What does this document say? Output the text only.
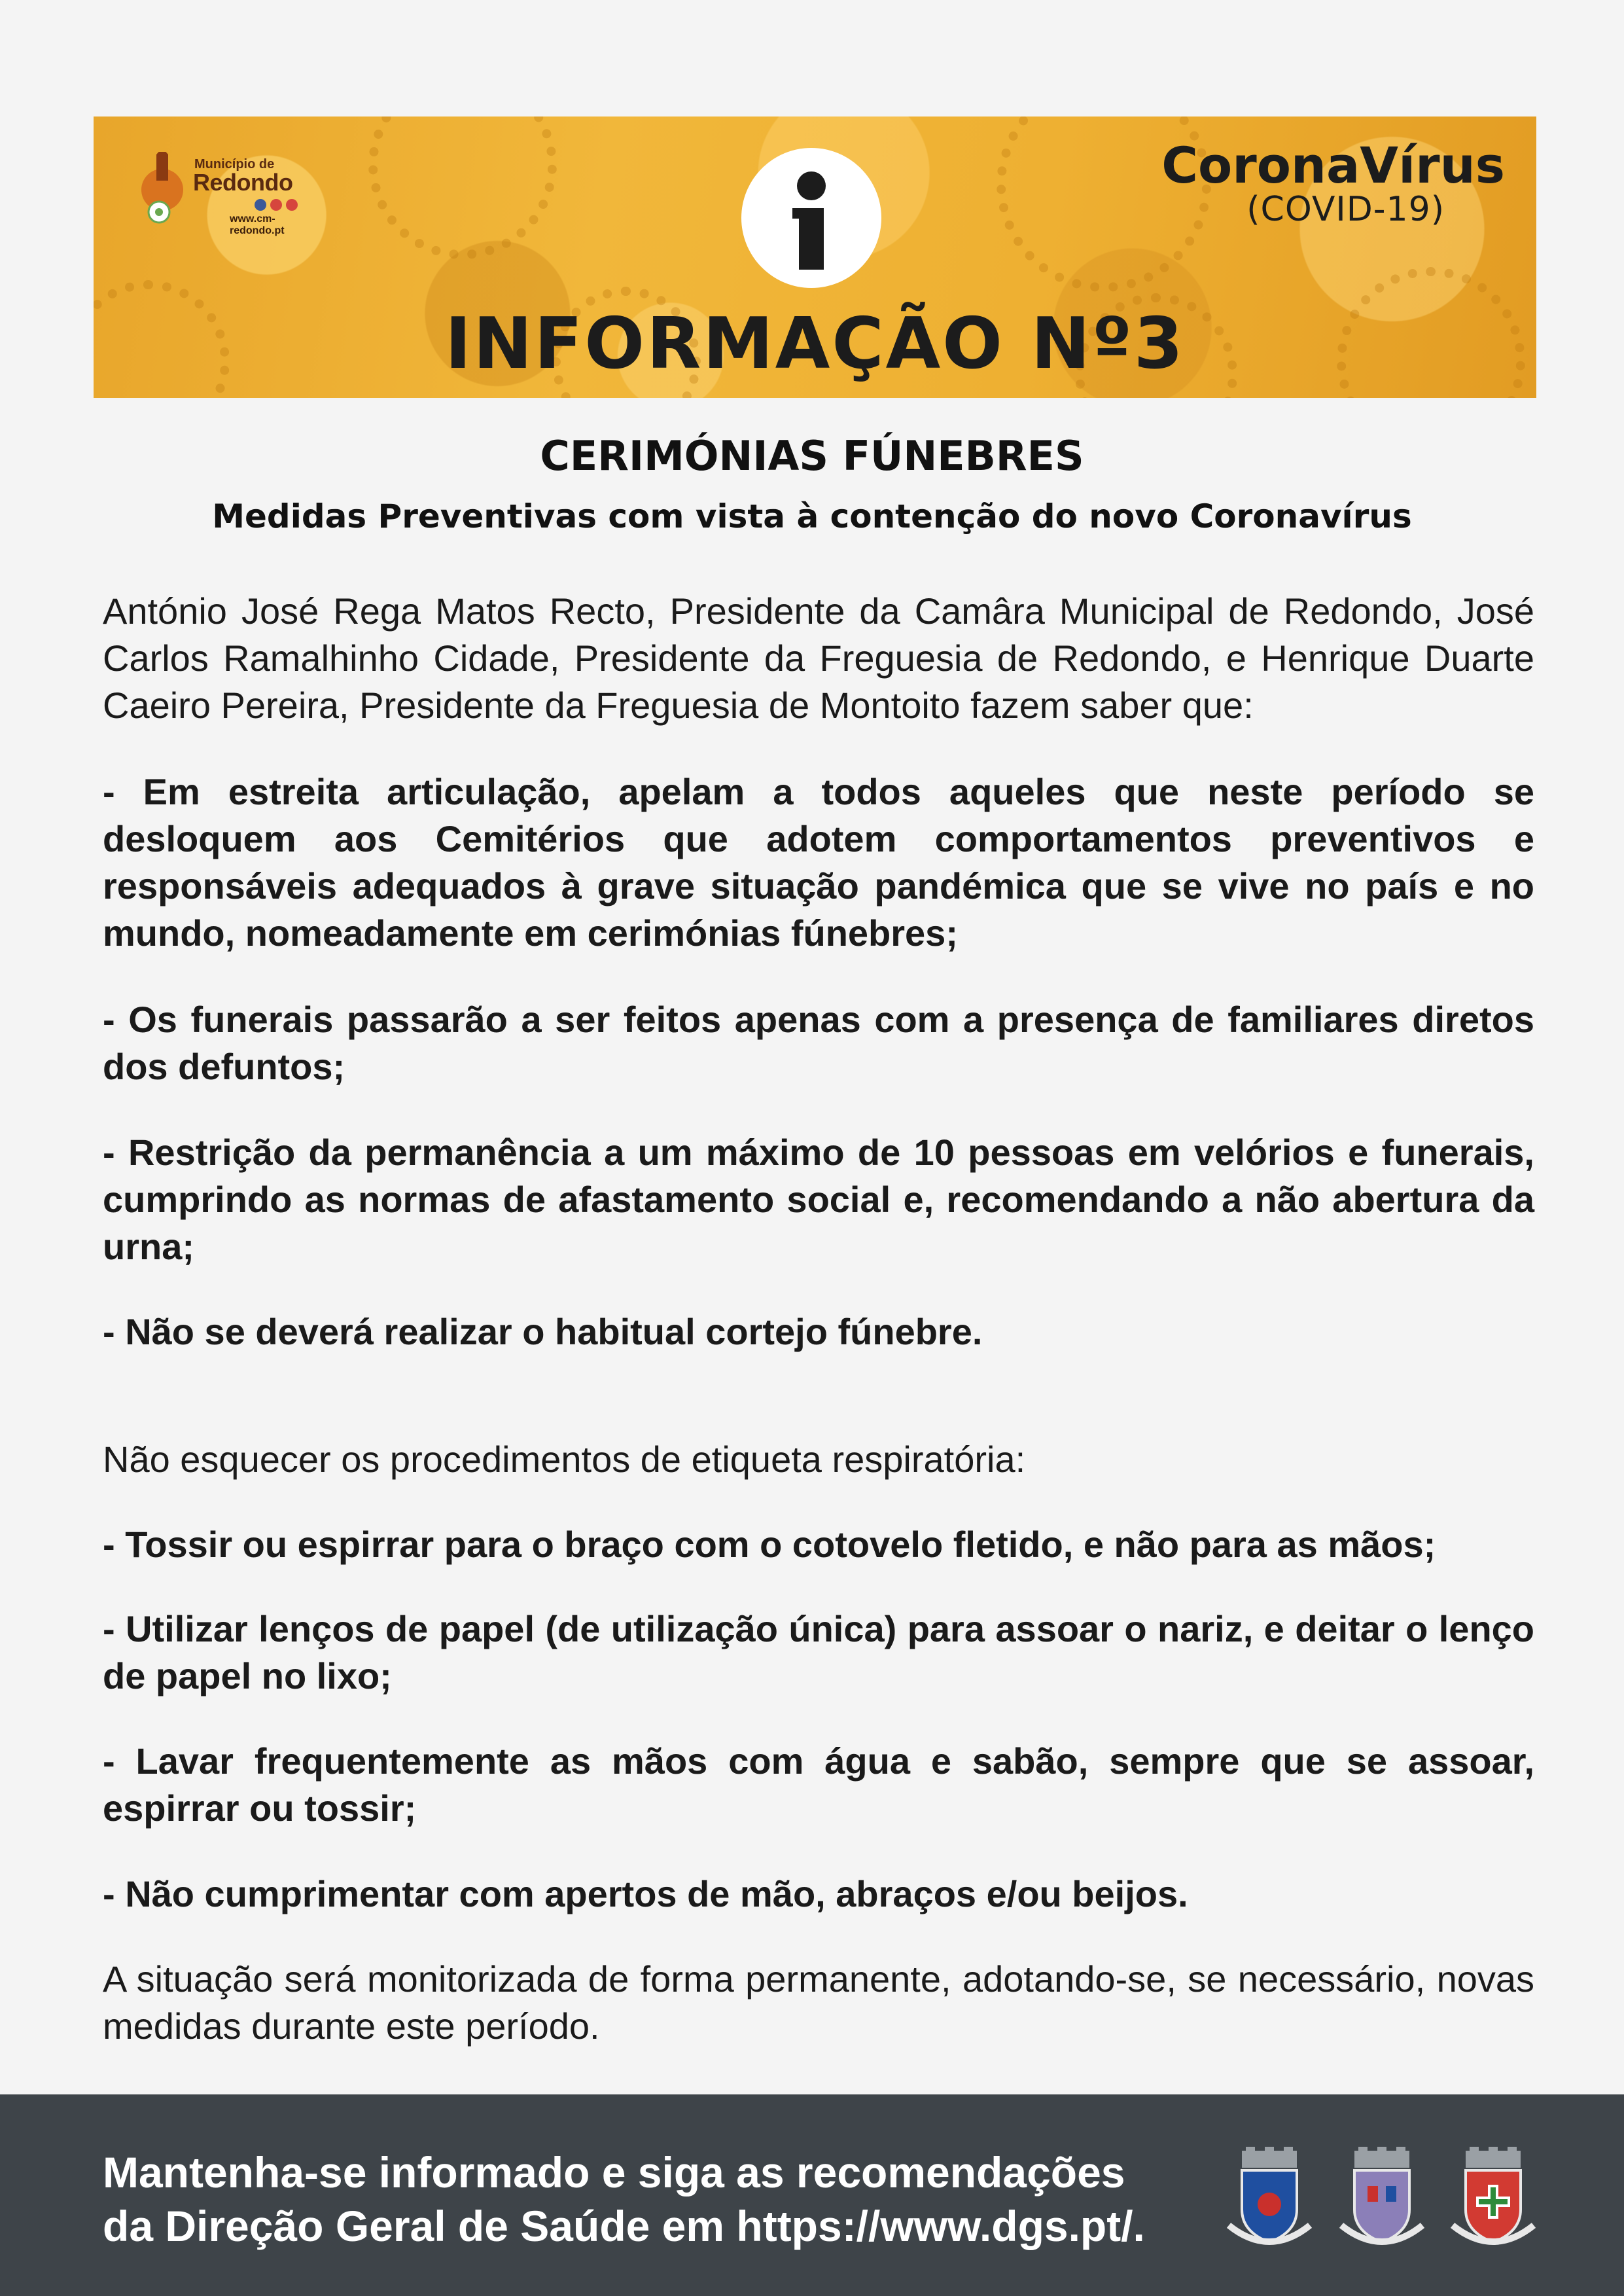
Município de
Redondo
www.cm-redondo.pt
CoronaVírus
(COVID-19)
INFORMAÇÃO Nº3
CERIMÓNIAS FÚNEBRES
Medidas Preventivas com vista à contenção do novo Coronavírus

António José Rega Matos Recto, Presidente da Camâra Municipal de Redondo, José Carlos Ramalhinho Cidade, Presidente da Freguesia de Redondo, e Henrique Duarte Caeiro Pereira, Presidente da Freguesia de Montoito fazem saber que:

- Em estreita articulação, apelam a todos aqueles que neste período se desloquem aos Cemitérios que adotem comportamentos preventivos e responsáveis adequados à grave situação pandémica que se vive no país e no mundo, nomeadamente em cerimónias fúnebres;

- Os funerais passarão a ser feitos apenas com a presença de familiares diretos dos defuntos;

- Restrição da permanência a um máximo de 10 pessoas em velórios e funerais, cumprindo as normas de afastamento social e, recomendando a não abertura da urna;

- Não se deverá realizar o habitual cortejo fúnebre.

Não esquecer os procedimentos de etiqueta respiratória:

- Tossir ou espirrar para o braço com o cotovelo fletido, e não para as mãos;

- Utilizar lenços de papel (de utilização única) para assoar o nariz, e deitar o lenço de papel no lixo;

- Lavar frequentemente as mãos com água e sabão, sempre que se assoar, espirrar ou tossir;

- Não cumprimentar com apertos de mão, abraços e/ou beijos.

A situação será monitorizada de forma permanente, adotando-se, se necessário, novas medidas durante este período.

Mantenha-se informado e siga as recomendações
da Direção Geral de Saúde em https://www.dgs.pt/.
